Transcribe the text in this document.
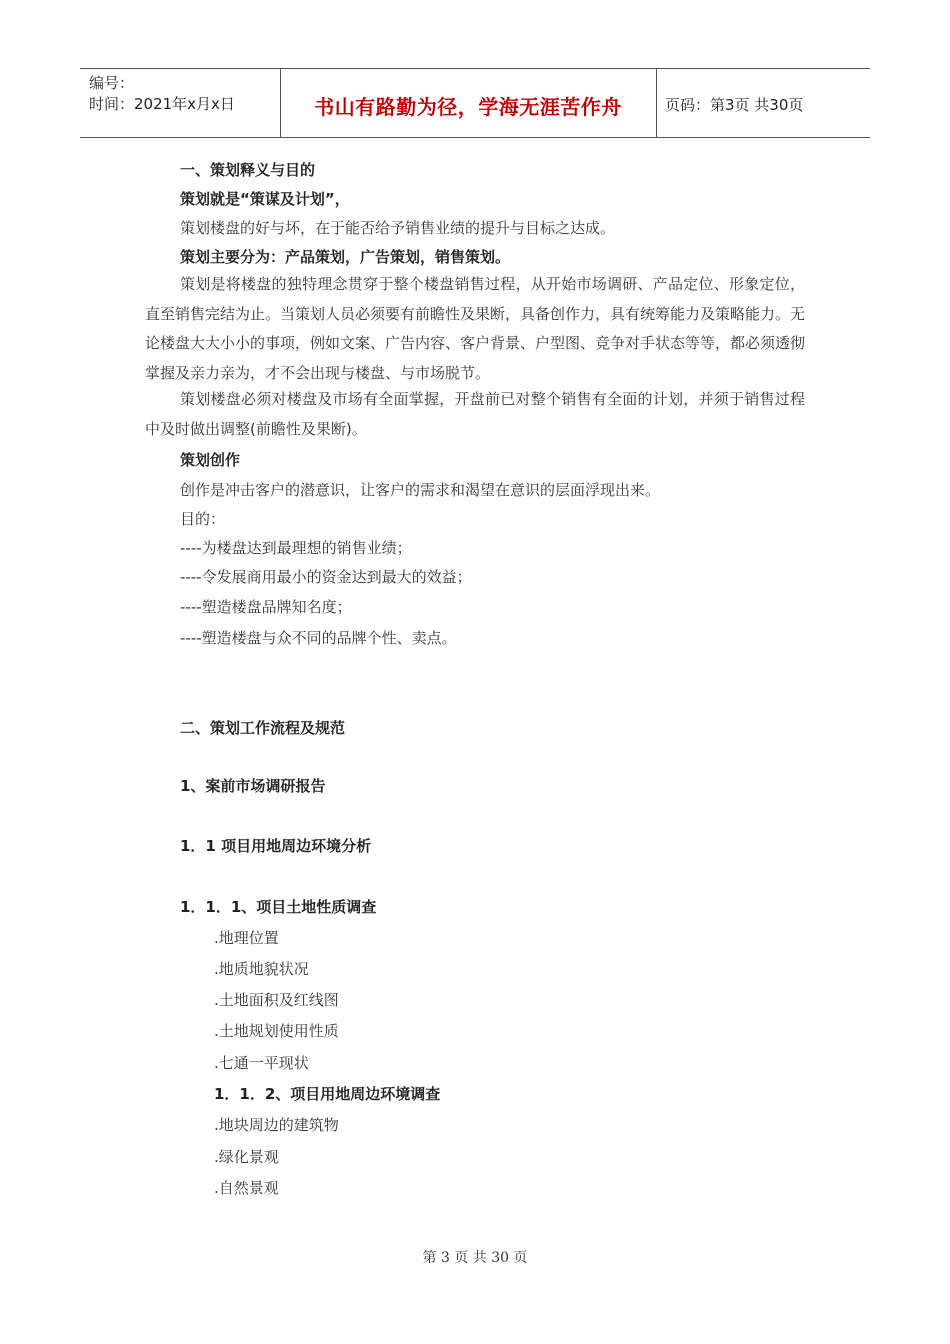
编号：
时间：2021年x月x日	书山有路勤为径，学海无涯苦作舟	页码：第3页 共30页
一、策划释义与目的
策划就是“策谋及计划”，
策划楼盘的好与坏，在于能否给予销售业绩的提升与目标之达成。
策划主要分为：产品策划，广告策划，销售策划。
策划是将楼盘的独特理念贯穿于整个楼盘销售过程，从开始市场调研、产品定位、形象定位，直至销售完结为止。当策划人员必须要有前瞻性及果断，具备创作力，具有统筹能力及策略能力。无论楼盘大大小小的事项，例如文案、广告内容、客户背景、户型图、竞争对手状态等等，都必须透彻掌握及亲力亲为，才不会出现与楼盘、与市场脱节。
策划楼盘必须对楼盘及市场有全面掌握，开盘前已对整个销售有全面的计划，并须于销售过程中及时做出调整(前瞻性及果断)。
策划创作
创作是冲击客户的潜意识，让客户的需求和渴望在意识的层面浮现出来。
目的：
----为楼盘达到最理想的销售业绩；
----令发展商用最小的资金达到最大的效益；
----塑造楼盘品牌知名度；
----塑造楼盘与众不同的品牌个性、卖点。
二、策划工作流程及规范
1、案前市场调研报告
1．1 项目用地周边环境分析
1．1．1、项目土地性质调查
.地理位置
.地质地貌状况
.土地面积及红线图
.土地规划使用性质
.七通一平现状
1．1．2、项目用地周边环境调查
.地块周边的建筑物
.绿化景观
.自然景观
第 3 页 共 30 页
